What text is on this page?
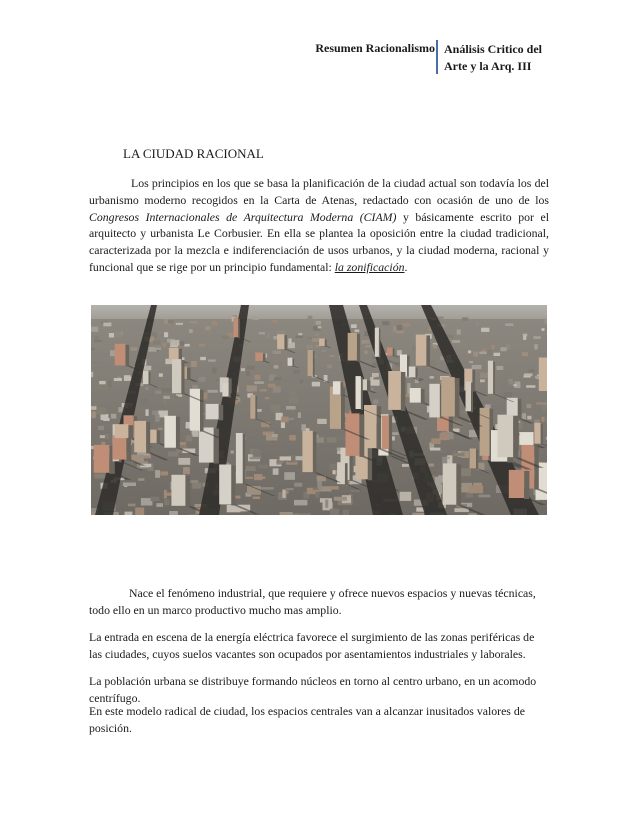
Resumen Racionalismo Análisis Critico del
Arte y la Arq. III
LA CIUDAD RACIONAL

Los principios en los que se basa la planificación de la ciudad actual son todavía los del urbanismo moderno recogidos en la Carta de Atenas, redactado con ocasión de uno de los Congresos Internacionales de Arquitectura Moderna (CIAM) y básicamente escrito por el arquitecto y urbanista Le Corbusier. En ella se plantea la oposición entre la ciudad tradicional, caracterizada por la mezcla e indiferenciación de usos urbanos, y la ciudad moderna, racional y funcional que se rige por un principio fundamental: la zonificación.

Nace el fenómeno industrial, que requiere y ofrece nuevos espacios y nuevas técnicas, todo ello en un marco productivo mucho mas amplio.

La entrada en escena de la energía eléctrica favorece el surgimiento de las zonas periféricas de las ciudades, cuyos suelos vacantes son ocupados por asentamientos industriales y laborales.

La población urbana se distribuye formando núcleos en torno al centro urbano, en un acomodo centrífugo.

En este modelo radical de ciudad, los espacios centrales van a alcanzar inusitados valores de posición.
